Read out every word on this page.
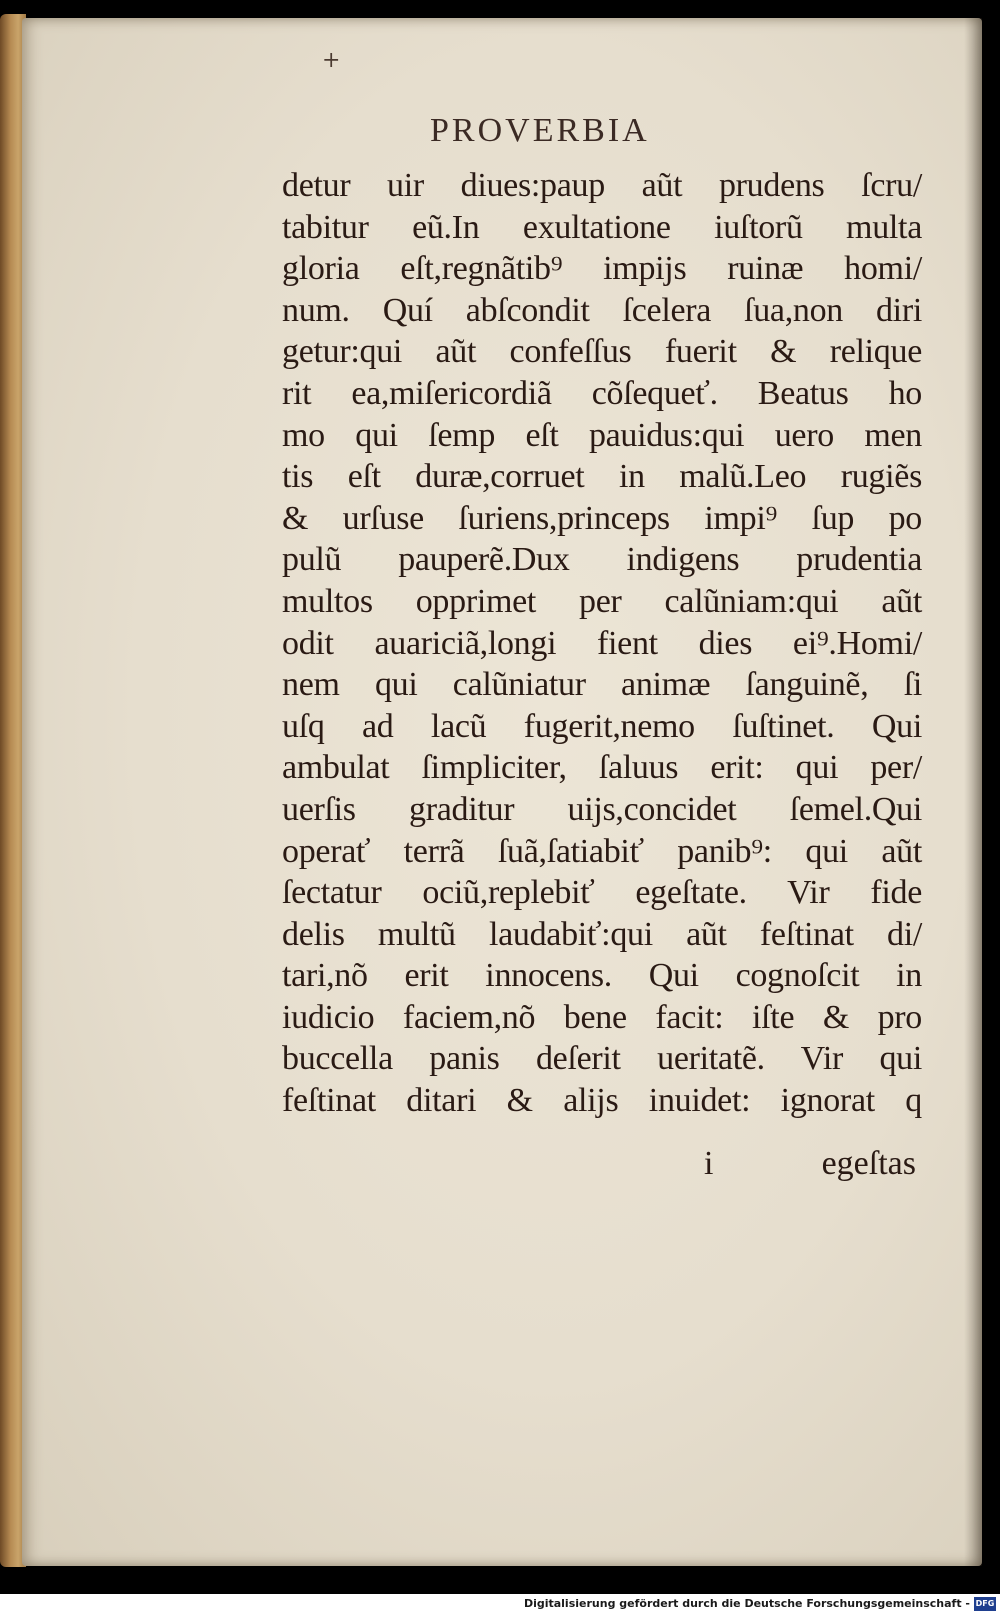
+
PROVERBIA
detur uir diues:paup aũt prudens ſcru/
tabitur eũ.In exultatione iuſtorũ multa
gloria eſt,regnãtib⁹ impijs ruinæ homi/
num. Quí abſcondit ſcelera ſua,non diri
getur:qui aũt confeſſus fuerit & relique
rit ea,miſericordiã cõſequeť. Beatus ho
mo qui ſemp eſt pauidus:qui uero men
tis eſt duræ,corruet in malũ.Leo rugiẽs
& urſuse ſuriens,princeps impi⁹ ſup po
pulũ pauperẽ.Dux indigens prudentia
multos opprimet per calũniam:qui aũt
odit auariciã,longi fient dies ei⁹.Homi/
nem qui calũniatur animæ ſanguinẽ, ſi
uſq ad lacũ fugerit,nemo ſuſtinet. Qui
ambulat ſimpliciter, ſaluus erit: qui per/
uerſis graditur uijs,concidet ſemel.Qui
operať terrã ſuã,ſatiabiť panib⁹: qui aũt
ſectatur ociũ,replebiť egeſtate. Vir fide
delis multũ laudabiť:qui aũt feſtinat di/
tari,nõ erit innocens. Qui cognoſcit in
iudicio faciem,nõ bene facit: iſte & pro
buccella panis deſerit ueritatẽ. Vir qui
feſtinat ditari & alijs inuidet: ignorat q
i	egeſtas
Digitalisierung gefördert durch die Deutsche Forschungsgemeinschaft - DFG
